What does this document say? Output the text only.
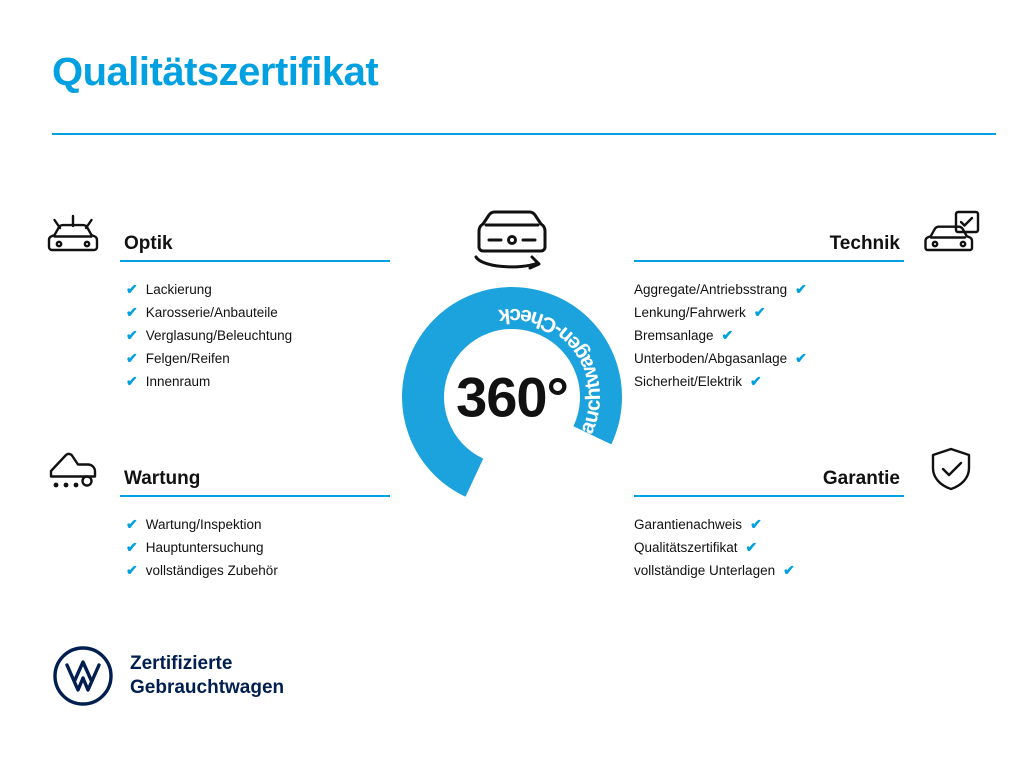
Qualitätszertifikat
Optik
✔ Lackierung
✔ Karosserie/Anbauteile
✔ Verglasung/Beleuchtung
✔ Felgen/Reifen
✔ Innenraum
Wartung
✔ Wartung/Inspektion
✔ Hauptuntersuchung
✔ vollständiges Zubehör
Technik
✔
Aggregate/Antriebsstrang
✔
Lenkung/Fahrwerk
✔
Bremsanlage
✔
Unterboden/Abgasanlage
✔
Sicherheit/Elektrik
Garantie
✔
Garantienachweis
✔
Qualitätszertifikat
✔
vollständige Unterlagen
Gebrauchtwagen-Check
360°
Zertifizierte
Gebrauchtwagen
